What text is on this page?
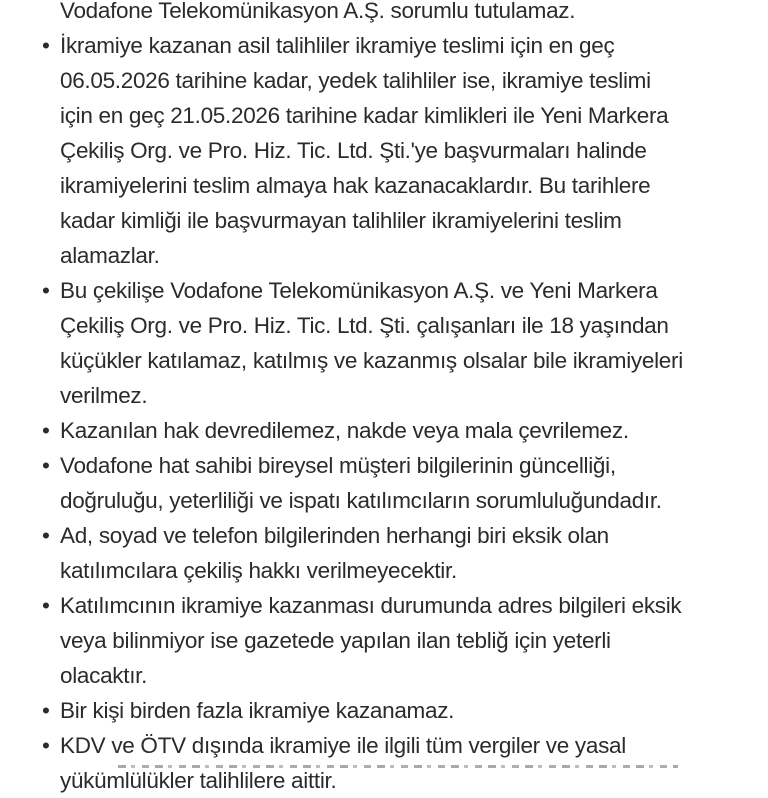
Vodafone Telekomünikasyon A.Ş. sorumlu tutulamaz.
• İkramiye kazanan asil talihliler ikramiye teslimi için en geç
06.05.2026 tarihine kadar, yedek talihliler ise, ikramiye teslimi
için en geç 21.05.2026 tarihine kadar kimlikleri ile Yeni Markera
Çekiliş Org. ve Pro. Hiz. Tic. Ltd. Şti.'ye başvurmaları halinde
ikramiyelerini teslim almaya hak kazanacaklardır. Bu tarihlere
kadar kimliği ile başvurmayan talihliler ikramiyelerini teslim
alamazlar.
• Bu çekilişe Vodafone Telekomünikasyon A.Ş. ve Yeni Markera
Çekiliş Org. ve Pro. Hiz. Tic. Ltd. Şti. çalışanları ile 18 yaşından
küçükler katılamaz, katılmış ve kazanmış olsalar bile ikramiyeleri
verilmez.
• Kazanılan hak devredilemez, nakde veya mala çevrilemez.
• Vodafone hat sahibi bireysel müşteri bilgilerinin güncelliği,
doğruluğu, yeterliliği ve ispatı katılımcıların sorumluluğundadır.
• Ad, soyad ve telefon bilgilerinden herhangi biri eksik olan
katılımcılara çekiliş hakkı verilmeyecektir.
• Katılımcının ikramiye kazanması durumunda adres bilgileri eksik
veya bilinmiyor ise gazetede yapılan ilan tebliğ için yeterli
olacaktır.
• Bir kişi birden fazla ikramiye kazanamaz.
• KDV ve ÖTV dışında ikramiye ile ilgili tüm vergiler ve yasal
yükümlülükler talihlilere aittir.
